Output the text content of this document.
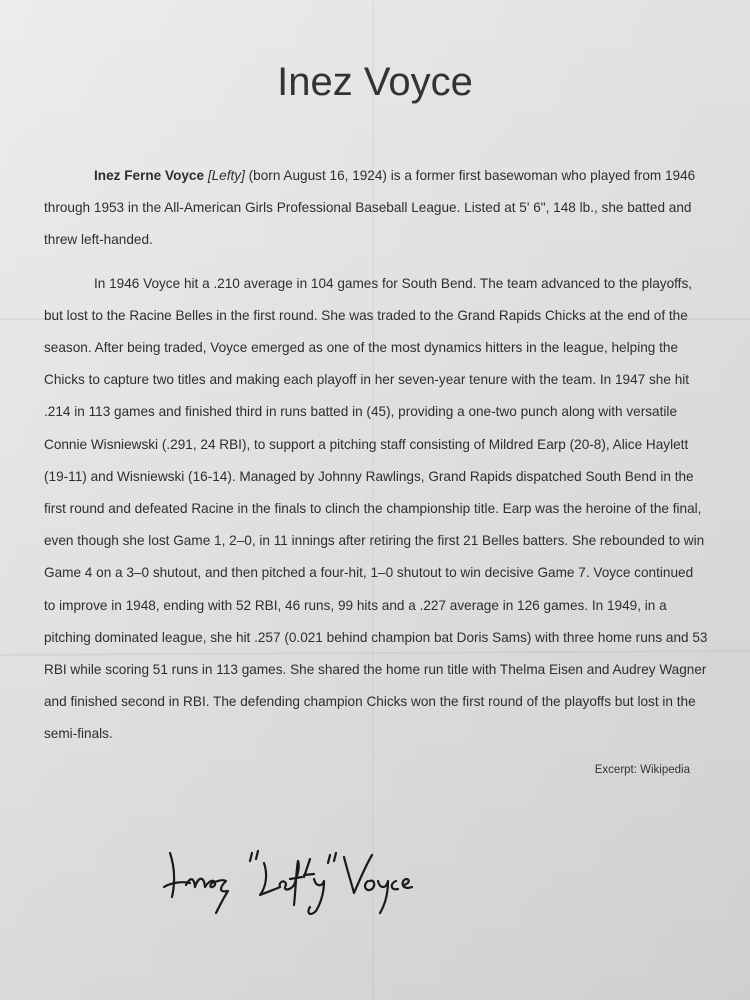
Inez Voyce

Inez Ferne Voyce [Lefty] (born August 16, 1924) is a former first basewoman who played from 1946 through 1953 in the All-American Girls Professional Baseball League. Listed at 5' 6", 148 lb., she batted and threw left-handed.

In 1946 Voyce hit a .210 average in 104 games for South Bend. The team advanced to the playoffs, but lost to the Racine Belles in the first round. She was traded to the Grand Rapids Chicks at the end of the season. After being traded, Voyce emerged as one of the most dynamics hitters in the league, helping the Chicks to capture two titles and making each playoff in her seven-year tenure with the team. In 1947 she hit .214 in 113 games and finished third in runs batted in (45), providing a one-two punch along with versatile Connie Wisniewski (.291, 24 RBI), to support a pitching staff consisting of Mildred Earp (20-8), Alice Haylett (19-11) and Wisniewski (16-14). Managed by Johnny Rawlings, Grand Rapids dispatched South Bend in the first round and defeated Racine in the finals to clinch the championship title. Earp was the heroine of the final, even though she lost Game 1, 2–0, in 11 innings after retiring the first 21 Belles batters. She rebounded to win Game 4 on a 3–0 shutout, and then pitched a four-hit, 1–0 shutout to win decisive Game 7. Voyce continued to improve in 1948, ending with 52 RBI, 46 runs, 99 hits and a .227 average in 126 games. In 1949, in a pitching dominated league, she hit .257 (0.021 behind champion bat Doris Sams) with three home runs and 53 RBI while scoring 51 runs in 113 games. She shared the home run title with Thelma Eisen and Audrey Wagner and finished second in RBI. The defending champion Chicks won the first round of the playoffs but lost in the semi-finals.

Excerpt: Wikipedia
